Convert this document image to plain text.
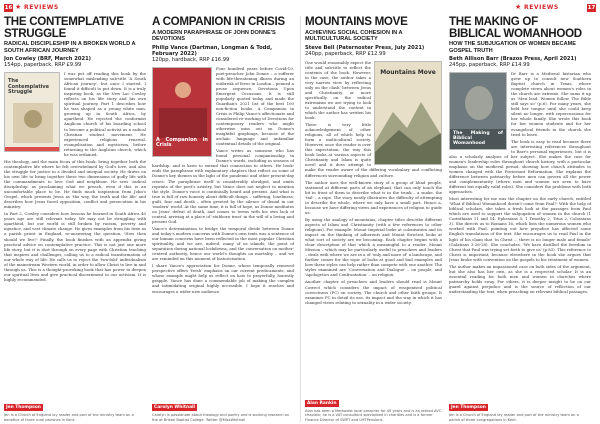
16 ★ REVIEWS	★ REVIEWS	17
THE CONTEMPLATIVE STRUGGLE
RADICAL DISCIPLESHIP IN A BROKEN WORLD A SOUTH AFRICAN JOURNEY
Jon Cowley (BRF, March 2021)
154pp, paperback, RRP £9.99
The Contemplative Struggle

I was put off reading this book by the somewhat misleading sub-title 'A South African journey', but once I started, I found it difficult to put down. It is a truly inspiring book, as the New Lac Cowley reflects on his life story and his own spiritual journey. Part 1 describes how he was shaped as a young white man, growing up in South Africa, by apartheid. He rejected the conformist Anglican church of his boarding school to become a political activist as a radical Christian student movement. He experienced religious renewal, evangelisation and mysticism, before returning to the Anglican church, which he was ordained.

His theology, and the main focus of this book, bring together both the contemplative life where he felt overwhelmed by God's love, and also the struggle for justice in a divided and unequal society. He draws on his own life to bring together these two dimensions of godly life with the commandments to love God and neighbour. He sees 'radical discipleship' as proclaiming what we preach, even if this is an uncomfortable place to be. He finds much inspiration from John's Gospel, which presents Jesus as 'the way, the truth and the life' and describes how Jesus faced opposition, conflict and persecution in his ministry.

In Part 2, Cowley considers how lessons he learned in South Africa 40 years ago are still relevant today. We may not be struggling with apartheid, but our world is still broken by racism, poverty and injustice, and vast climate change. He gives examples from his time as a parish priest in England, re-answering the question, 'How then should we live?' Finally, the book finishes with an appendix giving practical advice on contemplative practice. This is not just one more life story, but it is shot through on every page with Christian teaching that inspires and challenges, calling us to a radical transformation of our whole way of life. He calls us to reject the 'two-fold' individualism of the mainstream Western world, in order to allow Christ to live in and through us. This is a thought-provoking book that has power to deepen our spiritual lives and give practical discernment to our activism. It is highly recommended.

Jen Thompson
Jen is a Church of England lay reader and part of the ministry team on a benefice of three rural parishes in Kent.
A COMPANION IN CRISIS
A MODERN PARAPHRASE OF JOHN DONNE'S DEVOTIONS
Philip Vance (Dartman, Longman & Todd, February 2022)
120pp, hardback, RRP £16.99
A Companion in Crisis

Four hundred years before Covid-19, poet-preacher John Donne – a sufferer with life-threatening illness during an outbreak of fever in London – penned a prose sequence, Devotions Upon Emergent Occasions. It is still popularly quoted today and made the Guardian's 2021 list of the best 100 non-fiction books. A Companion in Crisis is Philip Vance's affectionate and considered re-working of Devotions for contemporary readers who might otherwise miss out on Donne's insightful graphings, because of the archaic language and unfamiliar contextual details of the original.

Vance writes as someone who has found personal companionship in Donne's words, including in seasons of hardship, and is keen to extend that connection to others. He book-ends the paraphrase with explanatory chapters that reflect on some of Donne's key themes in the light of the pandemic and other present-day crises. The paraphrase itself is considerably abridged, and omits reprints of the poet's artistry, but Vance does not neglect to mention the style. Donne's voice is continually heard and present. And what is true is full of raw honesty about difficult things – suffering, loneliness, guilt, fear and death – often greeted by the silence of denial in our 'modern' world. At the same time, it is full of hope, as Donne meditates on Jesus' defeat of death, and comes to terms with his own lack of control, arriving at a place of 'stubborn trust' in the will of a loving and present God.

Vance's determination to bridge the temporal divide between Donne and today's modern concerns with Donne's own texts was a sentence of our human concerns have been reflected in the most popular Christian spirituality, and we are, indeed, many of us islands; the point of separation during national lockdowns, and the conversation on mother-centred authority, hence our world's thoughts on mortality – and we are reminded on this moment of historicisation.

I share Vance's appreciation for Donne, whose temporally removed perspective offers 'fresh' emphasis on our current predicaments, and whose example might help us reflect on how to prayerfully, honestly grapple. Vance has done a commendable job of making the complex and intimidating original highly accessible. I hope it reaches and encourages a wider new audience.

Carolyn Whitnall
Carolyn is passionate about theology and poetry and is working research on the at Bristol Baptist College. Twitter @MissWhitnall
MOUNTAINS MOVE
ACHIEVING SOCIAL COHESION IN A MULTICULTURAL SOCIETY
Steve Bell (Paternoster Press, July 2021)
240pp, paperback, RRP £12.99
Mountains Move

One would reasonably expect the title and sub-title to reflect the contents of the book. However, in the case, the author takes a very narrow view by reflecting only on the clash' between Jesus and Christianity, or more specifically on the radical extremism we are trying to look to understand the content in which the author has written his book.

There is very little acknowledgement of other religions, all of which help to form a multicultural society. However, once the reader is over this expectation, the way this book looks at various aspects of Christianity and Islam is quite novel and it does attempt to make the reader aware of the differing vocabulary and conflicting differences surrounding religion and culture.

The author uses the well-known story of a group of blind people, stationed at different parts of an elephant, that can only touch the bit in front of them to describe what is in the trunk – a snake, the 'tail' – a rope. The story neatly illustrates the difficulty of attempting to describe the whole, where we only have a small part. Hence a, because we have differing views and experiences of religion to guide us.

By using the analogy of mountains, chapter titles describe different aspects of Islam and Christianity (with a few references to other religions). For example: Mount Imperial looks at colonisation and its impact on the thinking of adherents and Mount Strictest looks at what sort of society are we becoming. Each chapter begins with a clear description of that which a meaningful to a reader. Mount Mission – which may be particularly useful to preachers and leaders – deals with where we are in a of 'only and more of' a landscape, and further comes for the topic of looks at good and bad examples and how these styles can help rather than compete with one another. The styles examined are 'Conversation and Dialogue' – on people, and 'Apologetics and Confrontation' – on religion.

Another chapter of preachers and leaders should read is Mount Correct which considers the impact of weaponised political correctness (PC) on society. The church and other faith groups. It examines PC in detail its use, its impact and the way in which it has changed views relating to sexuality in a wider society.

Alan Rankin
Alan has been a Methodist local preacher for 40 years and is an retired AVC chaplain; he is a VAT consultant specialised in charities and is a former Finance Director of SWPT and LMTPensions.
THE MAKING OF BIBLICAL WOMANHOOD
HOW THE SUBJUGATION OF WOMEN BECAME GOSPEL TRUTH
Beth Allison Barr (Brazos Press, April 2021)
245pp, paperback, RRP £14.99
The Making of Biblical Womanhood

Dr Barr is a Medieval historian who grew up to consult new Southern Baptist church in Texas, where complete views about women's roles in the church are extreme. She sums it up as 'Men lead. Women follow. The Bible still says so' (p.6). For many years, she held her tongue until she could keep silent no longer, with repercussions for her whole family. She wrote this book for her women students and for her evangelical friends in the church she tried to leave.

The book is easy to read because there are interesting references throughout to Barr's personal experiences, but it is also a scholarly analysis of her subject. She makes the case for women's leadership roles throughout church history, with a particular emphasis on the medieval period, showing how church attitudes to women changed with the Protestant Reformation. She explains the difference between patriarchy before men can govern all the power and complementarity (where men and women are seen to have different but equally valid roles). She considers the problems with both approaches.

Most interesting for me was the chapter on the early church, entitled 'What if Biblical Womanhood doesn't come from Paul?' With the help of biblical scholars, she takes a fresh look at the passages from Paul which are used to support the subjugation of women in the church (1 Corinthians 11 and 14, Ephesians 5, 1 Timothy 2, Titus 2, Colossians 3). She directs us to Romans 16, which lists the numerous women who worked with Paul, pointing out how prejudice has affected some English translations of the text. She encourages us to read Paul in the light of his claim that 'in Christ ... there is no longer male and female' (Galatians 3:26-28). She concludes, 'We have distilled the freedom in Christ that Paul was trying set forth to give us' (p.83). This reference to Christ is important, because elsewhere in the book she argues that Jesus broke with convention on the gospels to his treatment of women.

The author makes an impassioned case on both sides of the argument, but she also has her own, as she is a respected scholar. It is an essential reading for both men and women in churches where patriarchy holds sway. For others, it is deeper insight to be on our guard against prejudice and is the source of reflection of our understanding the text, when preaching on relevant biblical passages.

Jen Thompson
Jen is a Church of England lay reader and part of the ministry team on a parish of three congregations in Kent.
